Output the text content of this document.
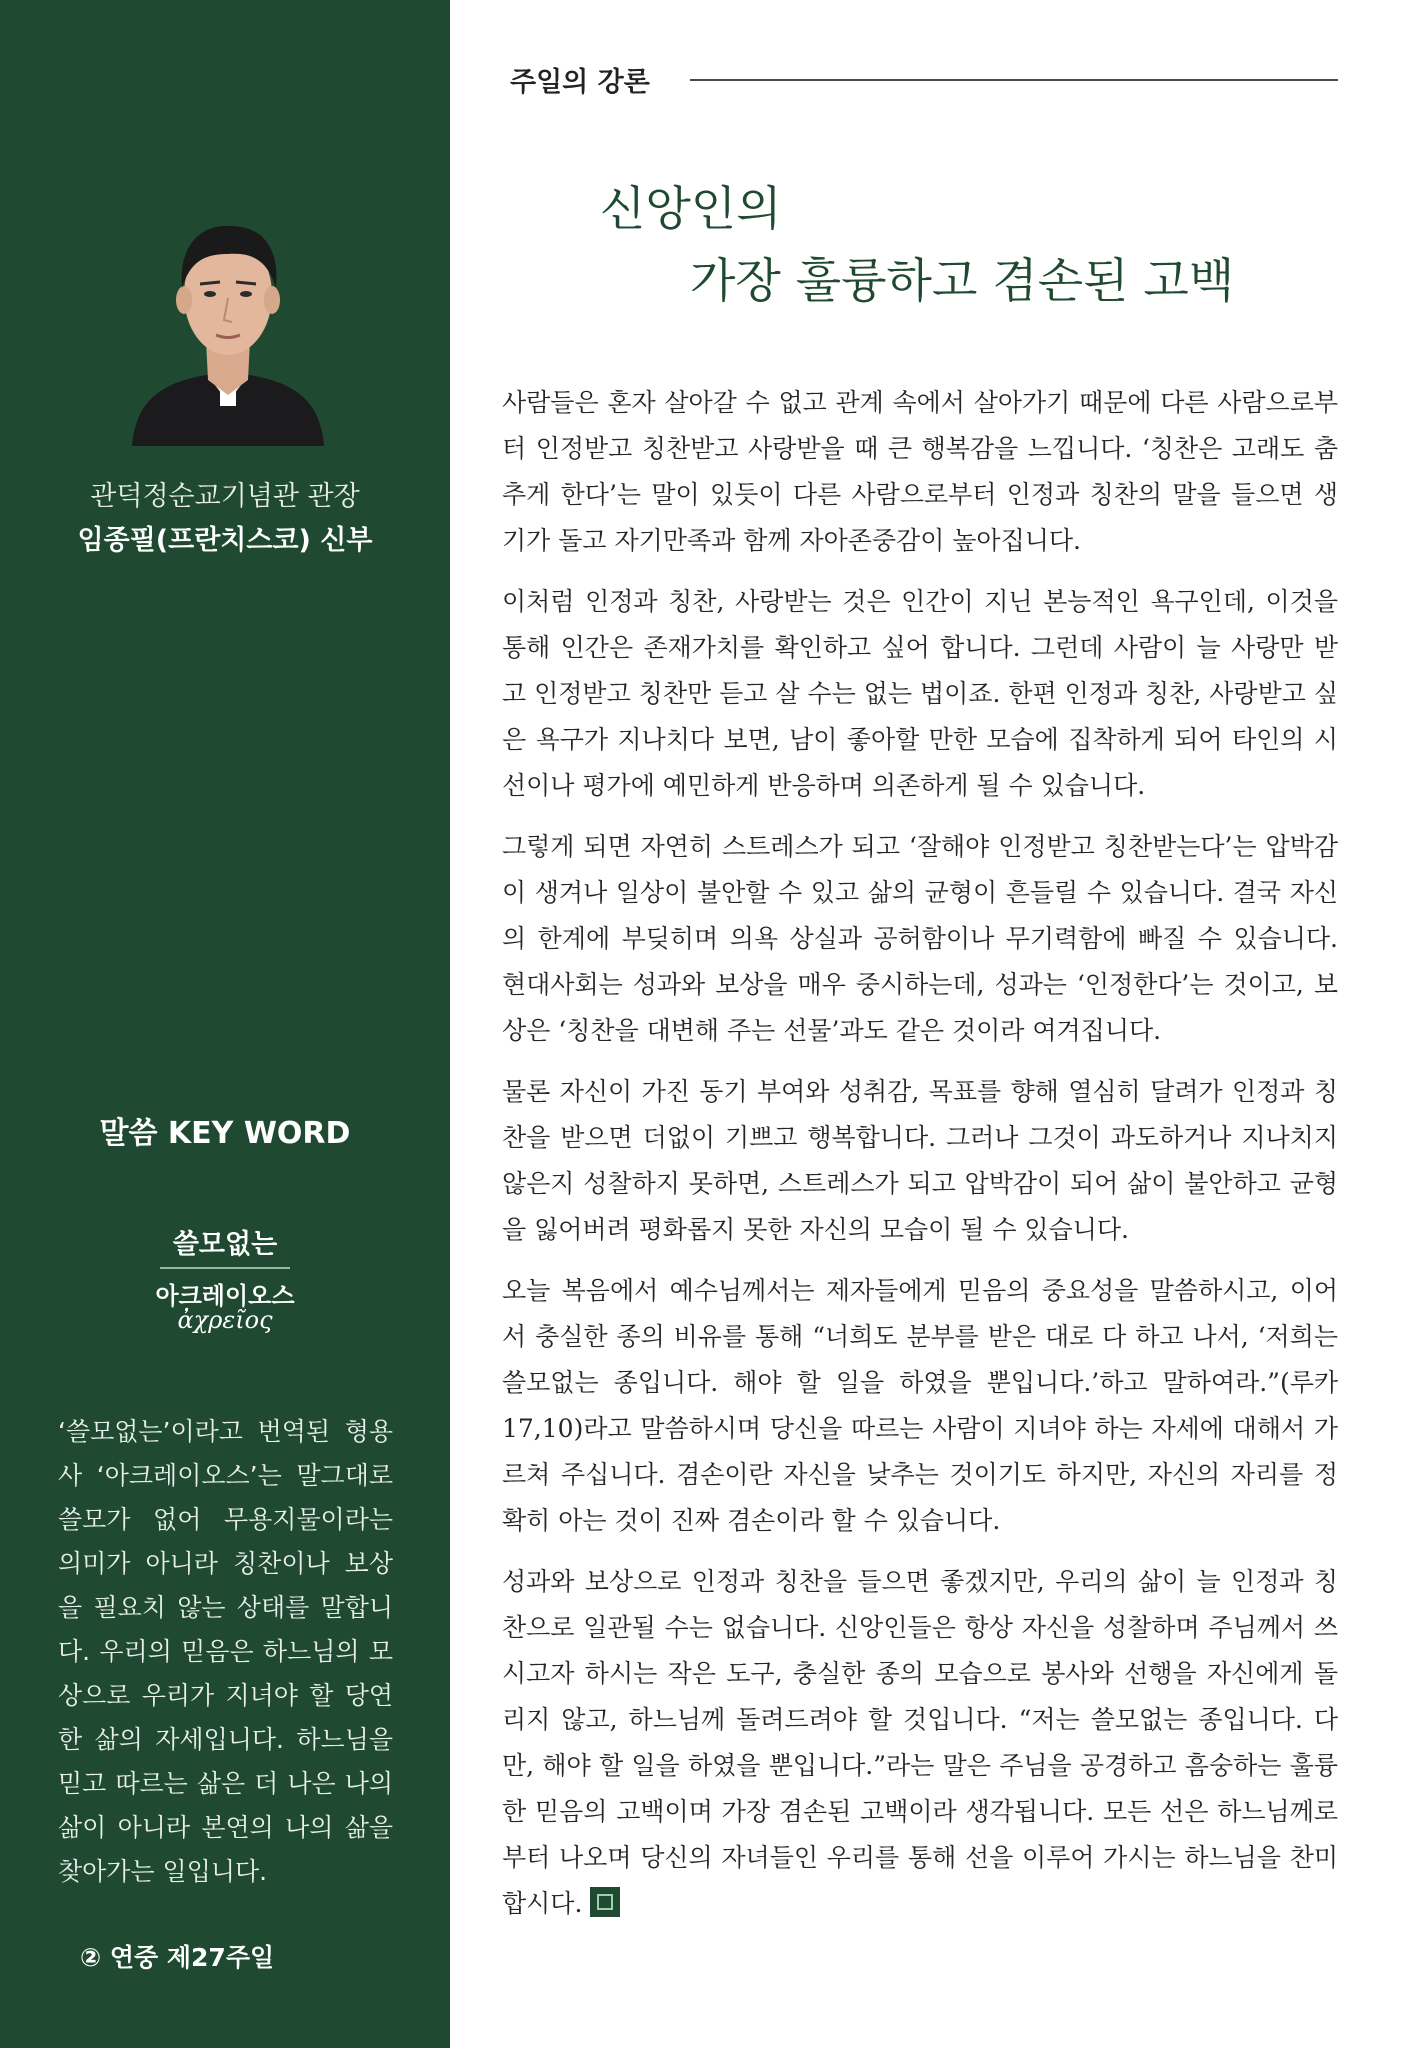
관덕정순교기념관 관장
임종필(프란치스코) 신부
말씀 KEY WORD
쓸모없는
아크레이오스
ἀχρεῖος
‘쓸모없는’이라고 번역된 형용사 ‘아크레이오스’는 말그대로 쓸모가 없어 무용지물이라는 의미가 아니라 칭찬이나 보상을 필요치 않는 상태를 말합니다. 우리의 믿음은 하느님의 모상으로 우리가 지녀야 할 당연한 삶의 자세입니다. 하느님을 믿고 따르는 삶은 더 나은 나의 삶이 아니라 본연의 나의 삶을 찾아가는 일입니다.
② 연중 제27주일
주일의 강론
신앙인의
가장 훌륭하고 겸손된 고백

사람들은 혼자 살아갈 수 없고 관계 속에서 살아가기 때문에 다른 사람으로부터 인정받고 칭찬받고 사랑받을 때 큰 행복감을 느낍니다. ‘칭찬은 고래도 춤추게 한다’는 말이 있듯이 다른 사람으로부터 인정과 칭찬의 말을 들으면 생기가 돌고 자기만족과 함께 자아존중감이 높아집니다.

이처럼 인정과 칭찬, 사랑받는 것은 인간이 지닌 본능적인 욕구인데, 이것을 통해 인간은 존재가치를 확인하고 싶어 합니다. 그런데 사람이 늘 사랑만 받고 인정받고 칭찬만 듣고 살 수는 없는 법이죠. 한편 인정과 칭찬, 사랑받고 싶은 욕구가 지나치다 보면, 남이 좋아할 만한 모습에 집착하게 되어 타인의 시선이나 평가에 예민하게 반응하며 의존하게 될 수 있습니다.

그렇게 되면 자연히 스트레스가 되고 ‘잘해야 인정받고 칭찬받는다’는 압박감이 생겨나 일상이 불안할 수 있고 삶의 균형이 흔들릴 수 있습니다. 결국 자신의 한계에 부딪히며 의욕 상실과 공허함이나 무기력함에 빠질 수 있습니다. 현대사회는 성과와 보상을 매우 중시하는데, 성과는 ‘인정한다’는 것이고, 보상은 ‘칭찬을 대변해 주는 선물’과도 같은 것이라 여겨집니다.

물론 자신이 가진 동기 부여와 성취감, 목표를 향해 열심히 달려가 인정과 칭찬을 받으면 더없이 기쁘고 행복합니다. 그러나 그것이 과도하거나 지나치지 않은지 성찰하지 못하면, 스트레스가 되고 압박감이 되어 삶이 불안하고 균형을 잃어버려 평화롭지 못한 자신의 모습이 될 수 있습니다.

오늘 복음에서 예수님께서는 제자들에게 믿음의 중요성을 말씀하시고, 이어서 충실한 종의 비유를 통해 “너희도 분부를 받은 대로 다 하고 나서, ‘저희는 쓸모없는 종입니다. 해야 할 일을 하였을 뿐입니다.’하고 말하여라.”(루카 17,10)라고 말씀하시며 당신을 따르는 사람이 지녀야 하는 자세에 대해서 가르쳐 주십니다. 겸손이란 자신을 낮추는 것이기도 하지만, 자신의 자리를 정확히 아는 것이 진짜 겸손이라 할 수 있습니다.

성과와 보상으로 인정과 칭찬을 들으면 좋겠지만, 우리의 삶이 늘 인정과 칭찬으로 일관될 수는 없습니다. 신앙인들은 항상 자신을 성찰하며 주님께서 쓰시고자 하시는 작은 도구, 충실한 종의 모습으로 봉사와 선행을 자신에게 돌리지 않고, 하느님께 돌려드려야 할 것입니다. “저는 쓸모없는 종입니다. 다만, 해야 할 일을 하였을 뿐입니다.”라는 말은 주님을 공경하고 흠숭하는 훌륭한 믿음의 고백이며 가장 겸손된 고백이라 생각됩니다. 모든 선은 하느님께로부터 나오며 당신의 자녀들인 우리를 통해 선을 이루어 가시는 하느님을 찬미합시다.
